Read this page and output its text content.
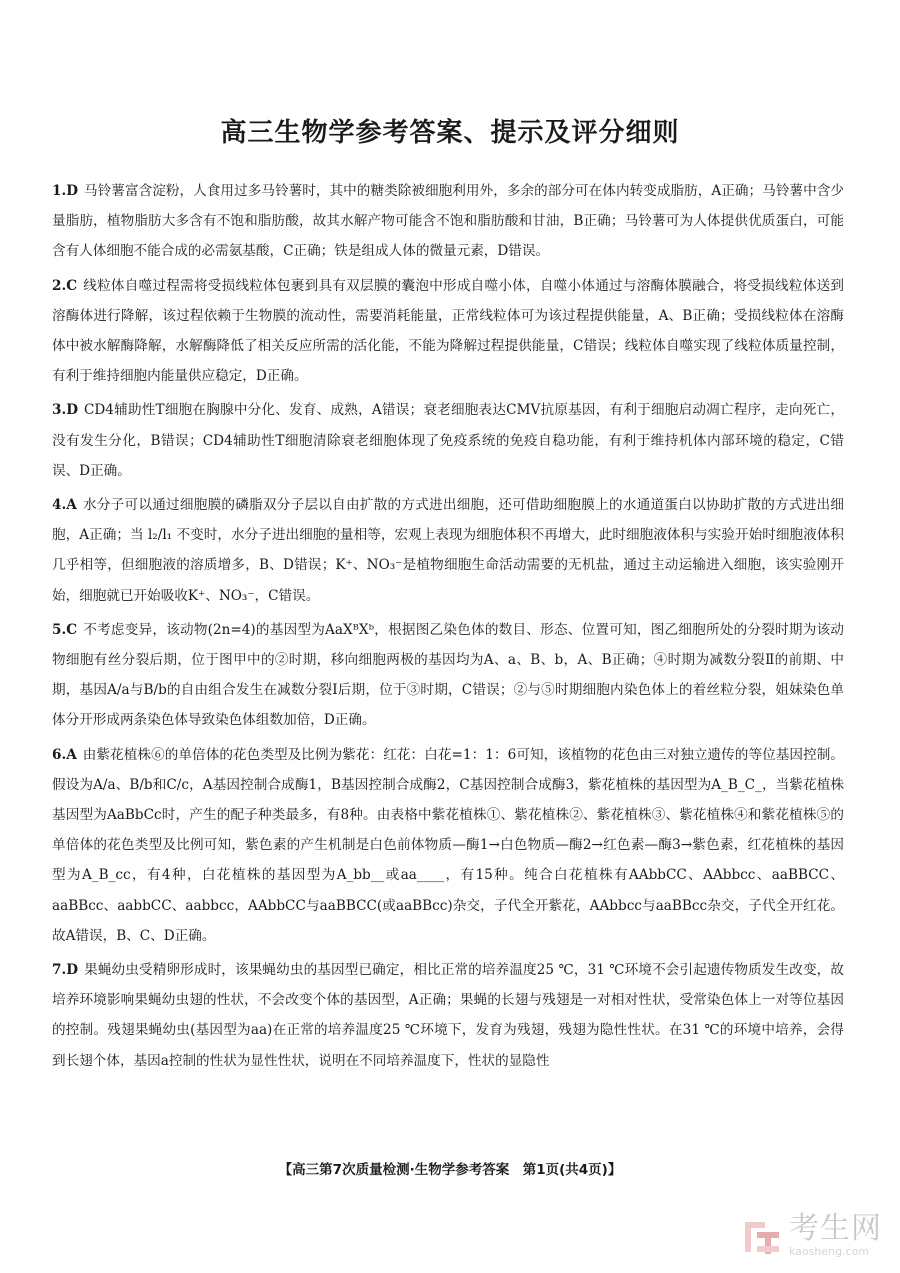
高三生物学参考答案、提示及评分细则

1.D 马铃薯富含淀粉，人食用过多马铃薯时，其中的糖类除被细胞利用外，多余的部分可在体内转变成脂肪，A正确；马铃薯中含少量脂肪，植物脂肪大多含有不饱和脂肪酸，故其水解产物可能含不饱和脂肪酸和甘油，B正确；马铃薯可为人体提供优质蛋白，可能含有人体细胞不能合成的必需氨基酸，C正确；铁是组成人体的微量元素，D错误。

2.C 线粒体自噬过程需将受损线粒体包裹到具有双层膜的囊泡中形成自噬小体，自噬小体通过与溶酶体膜融合，将受损线粒体送到溶酶体进行降解，该过程依赖于生物膜的流动性，需要消耗能量，正常线粒体可为该过程提供能量，A、B正确；受损线粒体在溶酶体中被水解酶降解，水解酶降低了相关反应所需的活化能，不能为降解过程提供能量，C错误；线粒体自噬实现了线粒体质量控制，有利于维持细胞内能量供应稳定，D正确。

3.D CD4辅助性T细胞在胸腺中分化、发育、成熟，A错误；衰老细胞表达CMV抗原基因，有利于细胞启动凋亡程序，走向死亡，没有发生分化，B错误；CD4辅助性T细胞清除衰老细胞体现了免疫系统的免疫自稳功能，有利于维持机体内部环境的稳定，C错误、D正确。

4.A 水分子可以通过细胞膜的磷脂双分子层以自由扩散的方式进出细胞，还可借助细胞膜上的水通道蛋白以协助扩散的方式进出细胞，A正确；当 l₂/l₁ 不变时，水分子进出细胞的量相等，宏观上表现为细胞体积不再增大，此时细胞液体积与实验开始时细胞液体积几乎相等，但细胞液的溶质增多，B、D错误；K⁺、NO₃⁻是植物细胞生命活动需要的无机盐，通过主动运输进入细胞，该实验刚开始，细胞就已开始吸收K⁺、NO₃⁻，C错误。

5.C 不考虑变异，该动物(2n=4)的基因型为AaXᴮXᵇ，根据图乙染色体的数目、形态、位置可知，图乙细胞所处的分裂时期为该动物细胞有丝分裂后期，位于图甲中的②时期，移向细胞两极的基因均为A、a、B、b，A、B正确；④时期为减数分裂Ⅱ的前期、中期，基因A/a与B/b的自由组合发生在减数分裂Ⅰ后期，位于③时期，C错误；②与⑤时期细胞内染色体上的着丝粒分裂，姐妹染色单体分开形成两条染色体导致染色体组数加倍，D正确。

6.A 由紫花植株⑥的单倍体的花色类型及比例为紫花：红花：白花=1：1：6可知，该植物的花色由三对独立遗传的等位基因控制。假设为A/a、B/b和C/c，A基因控制合成酶1，B基因控制合成酶2，C基因控制合成酶3，紫花植株的基因型为A_B_C_，当紫花植株基因型为AaBbCc时，产生的配子种类最多，有8种。由表格中紫花植株①、紫花植株②、紫花植株③、紫花植株④和紫花植株⑤的单倍体的花色类型及比例可知，紫色素的产生机制是白色前体物质—酶1→白色物质—酶2→红色素—酶3→紫色素，红花植株的基因型为A_B_cc，有4种，白花植株的基因型为A_bb__或aa____，有15种。纯合白花植株有AAbbCC、AAbbcc、aaBBCC、aaBBcc、aabbCC、aabbcc，AAbbCC与aaBBCC(或aaBBcc)杂交，子代全开紫花，AAbbcc与aaBBcc杂交，子代全开红花。故A错误，B、C、D正确。

7.D 果蝇幼虫受精卵形成时，该果蝇幼虫的基因型已确定，相比正常的培养温度25 ℃，31 ℃环境不会引起遗传物质发生改变，故培养环境影响果蝇幼虫翅的性状，不会改变个体的基因型，A正确；果蝇的长翅与残翅是一对相对性状，受常染色体上一对等位基因的控制。残翅果蝇幼虫(基因型为aa)在正常的培养温度25 ℃环境下，发育为残翅，残翅为隐性性状。在31 ℃的环境中培养，会得到长翅个体，基因a控制的性状为显性性状，说明在不同培养温度下，性状的显隐性

【高三第7次质量检测·生物学参考答案　第1页(共4页)】
考生网
kaosheng.com
